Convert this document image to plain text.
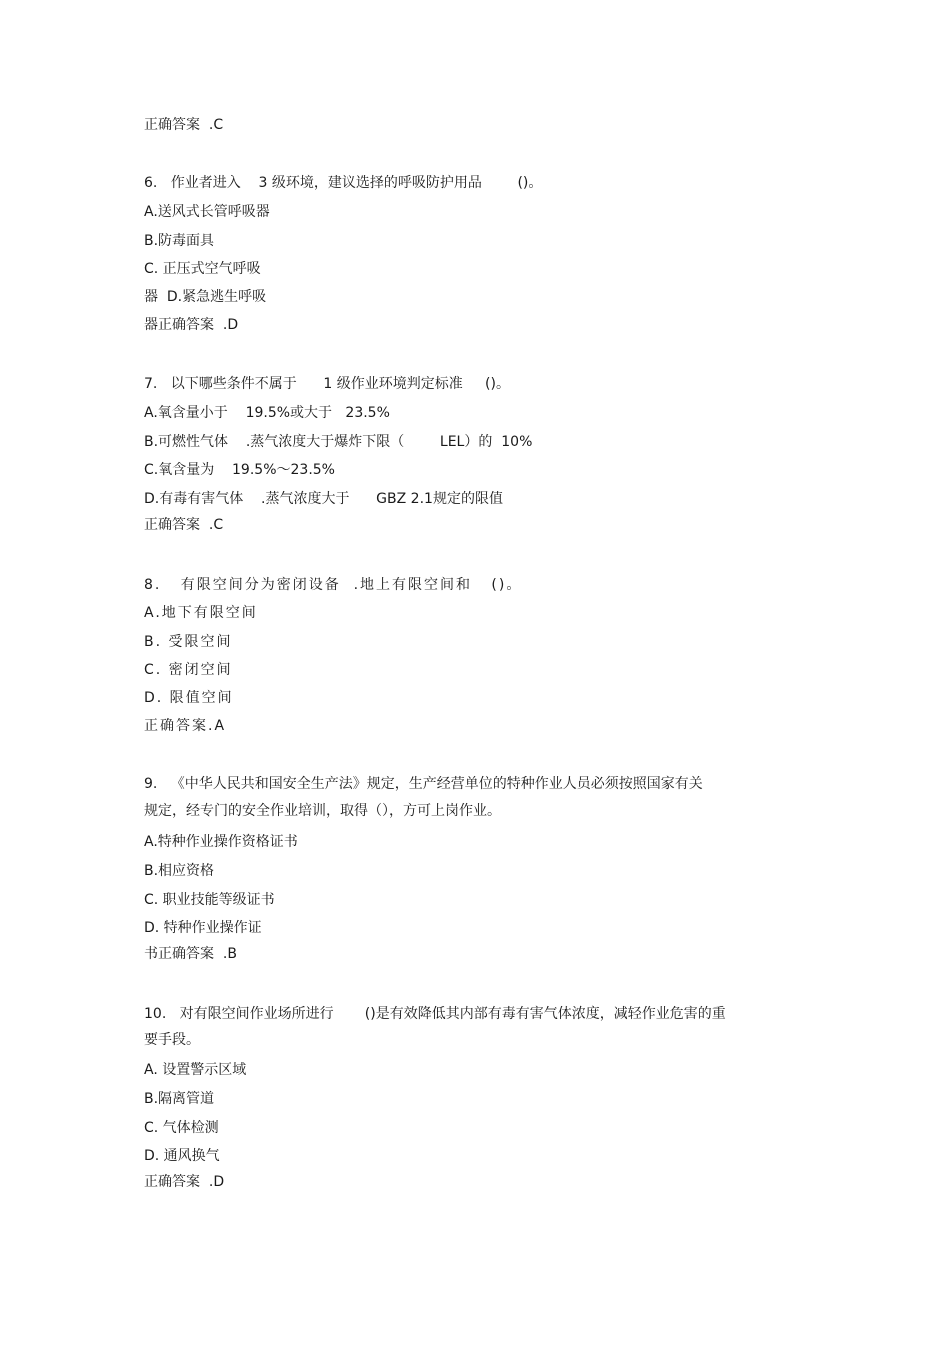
正确答案  .C

6.   作业者进入    3 级环境，建议选择的呼吸防护用品        ()。

A.送风式长管呼吸器

B.防毒面具

C. 正压式空气呼吸

器  D.紧急逃生呼吸

器正确答案  .D

7.   以下哪些条件不属于      1 级作业环境判定标准     ()。

A.氧含量小于    19.5%或大于   23.5%

B.可燃性气体    .蒸气浓度大于爆炸下限（        LEL）的  10%

C.氧含量为    19.5%～23.5%

D.有毒有害气体    .蒸气浓度大于      GBZ 2.1规定的限值

正确答案  .C

8.   有限空间分为密闭设备  .地上有限空间和   ()。

A.地下有限空间

B. 受限空间

C. 密闭空间

D. 限值空间

正确答案.A

9.   《中华人民共和国安全生产法》规定，生产经营单位的特种作业人员必须按照国家有关

规定，经专门的安全作业培训，取得（），方可上岗作业。

A.特种作业操作资格证书

B.相应资格

C. 职业技能等级证书

D. 特种作业操作证

书正确答案  .B

10.   对有限空间作业场所进行       ()是有效降低其内部有毒有害气体浓度，减轻作业危害的重

要手段。

A. 设置警示区域

B.隔离管道

C. 气体检测

D. 通风换气

正确答案  .D
